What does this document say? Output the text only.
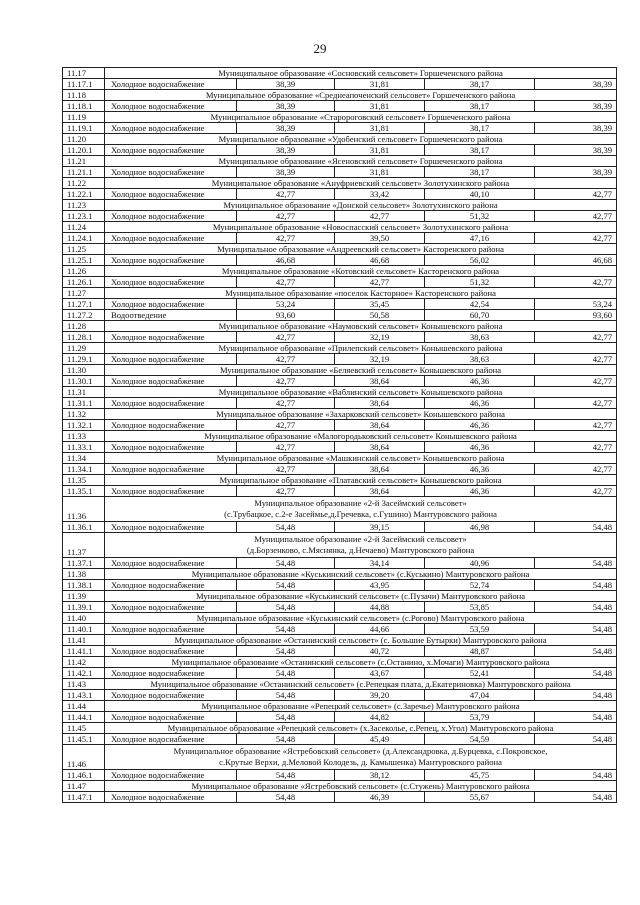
29
11.17	Муниципальное образование «Сосновский сельсовет» Горшеченского района				
11.17.1	Холодное водоснабжение	38,39	31,81	38,17	38,39
11.18	Муниципальное образование «Среднеапоченский сельсовет» Горшеченского района				
11.18.1	Холодное водоснабжение	38,39	31,81	38,17	38,39
11.19	Муниципальное образование «Старороговский сельсовет» Горшеченского района				
11.19.1	Холодное водоснабжение	38,39	31,81	38,17	38,39
11.20	Муниципальное образование «Удобенский сельсовет» Горшеченского района				
11.20.1	Холодное водоснабжение	38,39	31,81	38,17	38,39
11.21	Муниципальное образование «Ясеновский сельсовет» Горшеченского района				
11.21.1	Холодное водоснабжение	38,39	31,81	38,17	38,39
11.22	Муниципальное образование «Ануфриевский сельсовет» Золотухинского района				
11.22.1	Холодное водоснабжение	42,77	33,42	40,10	42,77
11.23	Муниципальное образование «Донской сельсовет» Золотухинского района				
11.23.1	Холодное водоснабжение	42,77	42,77	51,32	42,77
11.24	Муниципальное образование «Новоспасский сельсовет» Золотухинского района				
11.24.1	Холодное водоснабжение	42,77	39,50	47,16	42,77
11.25	Муниципальное образование «Андреевский сельсовет» Касторенского района				
11.25.1	Холодное водоснабжение	46,68	46,68	56,02	46,68
11.26	Муниципальное образование «Котовский сельсовет» Касторенского района				
11.26.1	Холодное водоснабжение	42,77	42,77	51,32	42,77
11.27	Муниципальное образование «поселок Касторное» Касторенского района				
11.27.1	Холодное водоснабжение	53,24	35,45	42,54	53,24
11.27.2	Водоотведение	93,60	50,58	60,70	93,60
11.28	Муниципальное образование «Наумовский сельсовет» Конышевского района				
11.28.1	Холодное водоснабжение	42,77	32,19	38,63	42,77
11.29	Муниципальное образование «Прилепский сельсовет» Конышевского района				
11.29.1	Холодное водоснабжение	42,77	32,19	38,63	42,77
11.30	Муниципальное образование «Беляевский сельсовет» Конышевского района				
11.30.1	Холодное водоснабжение	42,77	38,64	46,36	42,77
11.31	Муниципальное образование «Ваблинский сельсовет» Конышевского района				
11.31.1	Холодное водоснабжение	42,77	38,64	46,36	42,77
11.32	Муниципальное образование «Захарковский сельсовет» Конышевского района				
11.32.1	Холодное водоснабжение	42,77	38,64	46,36	42,77
11.33	Муниципальное образование «Малогородьковский сельсовет» Конышевского района				
11.33.1	Холодное водоснабжение	42,77	38,64	46,36	42,77
11.34	Муниципальное образование «Машкинский сельсовет» Конышевского района				
11.34.1	Холодное водоснабжение	42,77	38,64	46,36	42,77
11.35	Муниципальное образование «Платавский сельсовет» Конышевского района				
11.35.1	Холодное водоснабжение	42,77	38,64	46,36	42,77
11.36	Муниципальное образование «2-й Засеймский сельсовет»
(с.Трубацкое, с.2-е Засеймье,д.Гречевка, с.Гушино) Мантуровского района				

11.36.1	Холодное водоснабжение	54,48	39,15	46,98	54,48
11.37	Муниципальное образование «2-й Засеймский сельсовет»
(д.Борзенково, с.Мяснянка, д.Нечаево) Мантуровского района				

11.37.1	Холодное водоснабжение	54,48	34,14	40,96	54,48
11.38	Муниципальное образование «Куськинский сельсовет» (с.Куськино) Мантуровского района				
11.38.1	Холодное водоснабжение	54,48	43,95	52,74	54,48
11.39	Муниципальное образование «Куськинский сельсовет» (с.Пузачи) Мантуровского района				
11.39.1	Холодное водоснабжение	54,48	44,88	53,85	54,48
11.40	Муниципальное образование «Куськинский сельсовет» (с.Рогово) Мантуровского района				
11.40.1	Холодное водоснабжение	54,48	44,66	53,59	54,48
11.41	Муниципальное образование «Останинский сельсовет» (с. Большие Бутырки) Мантуровского района				
11.41.1	Холодное водоснабжение	54,48	40,72	48,87	54,48
11.42	Муниципальное образование «Останинский сельсовет» (с.Останино, х.Мочаги) Мантуровского района				
11.42.1	Холодное водоснабжение	54,48	43,67	52,41	54,48
11.43	Муниципальное образование «Останинский сельсовет» (с.Репецкая плата, д.Екатериновка) Мантуровского района				
11.43.1	Холодное водоснабжение	54,48	39,20	47,04	54,48
11.44	Муниципальное образование «Репецкий сельсовет» (с.Заречье) Мантуровского района				
11.44.1	Холодное водоснабжение	54,48	44,82	53,79	54,48
11.45	Муниципальное образование «Репецкий сельсовет» (х.Засеколье, с.Репец, х.Угол) Мантуровского района				
11.45.1	Холодное водоснабжение	54,48	45,49	54,59	54,48
11.46	Муниципальное образование «Ястребовский сельсовет» (д.Александровка, д.Бурцевка, с.Покровское,
с.Крутые Верхи, д.Меловой Колодезь, д. Камышенка) Мантуровского района				

11.46.1	Холодное водоснабжение	54,48	38,12	45,75	54,48
11.47	Муниципальное образование «Ястребовский сельсовет» (с.Стужень) Мантуровского района				
11.47.1	Холодное водоснабжение	54,48	46,39	55,67	54,48
